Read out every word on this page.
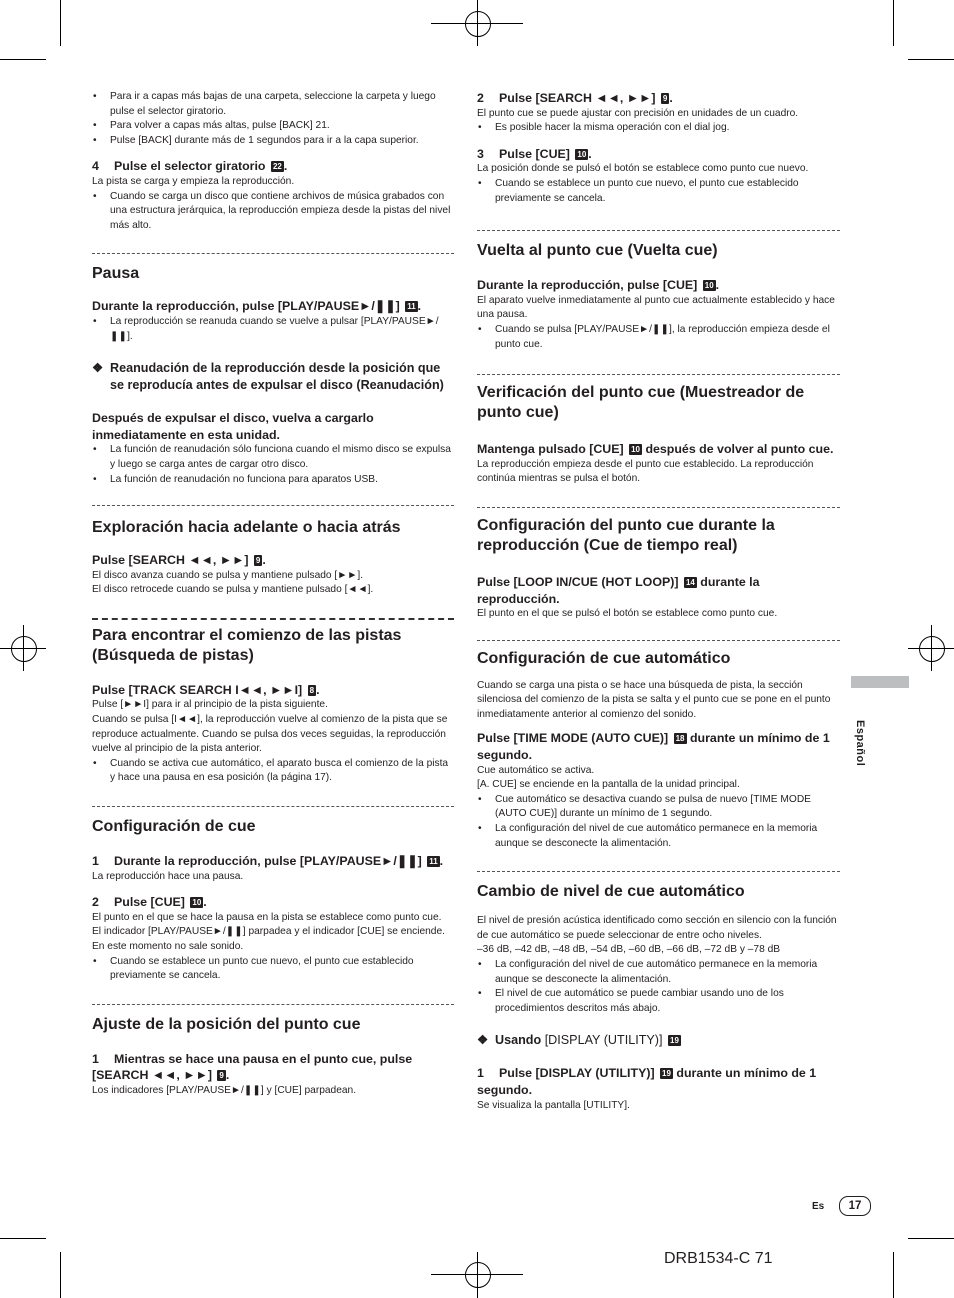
• Para ir a capas más bajas de una carpeta, seleccione la carpeta y luego pulse el selector giratorio.
• Para volver a capas más altas, pulse [BACK] 21.
• Pulse [BACK] durante más de 1 segundos para ir a la capa superior.

4 Pulse el selector giratorio 22 .

La pista se carga y empieza la reproducción.

• Cuando se carga un disco que contiene archivos de música grabados con una estructura jerárquica, la reproducción empieza desde la pistas del nivel más alto.
Pausa

Durante la reproducción, pulse [PLAY/PAUSE►/❚❚] 11 .

• La reproducción se reanuda cuando se vuelve a pulsar [PLAY/PAUSE►/❚❚].

❖ Reanudación de la reproducción desde la posición que se reproducía antes de expulsar el disco (Reanudación)

Después de expulsar el disco, vuelva a cargarlo inmediatamente en esta unidad.

• La función de reanudación sólo funciona cuando el mismo disco se expulsa y luego se carga antes de cargar otro disco.
• La función de reanudación no funciona para aparatos USB.
Exploración hacia adelante o hacia atrás

Pulse [SEARCH ◄◄, ►►] 9 .

El disco avanza cuando se pulsa y mantiene pulsado [►►].

El disco retrocede cuando se pulsa y mantiene pulsado [◄◄].

Para encontrar el comienzo de las pistas (Búsqueda de pistas)

Pulse [TRACK SEARCH I◄◄, ►►I] 8 .

Pulse [►►I] para ir al principio de la pista siguiente.

Cuando se pulsa [I◄◄], la reproducción vuelve al comienzo de la pista que se reproduce actualmente. Cuando se pulsa dos veces seguidas, la reproducción vuelve al principio de la pista anterior.

• Cuando se activa cue automático, el aparato busca el comienzo de la pista y hace una pausa en esa posición (la página 17).
Configuración de cue

1 Durante la reproducción, pulse [PLAY/PAUSE►/❚❚] 11 .

La reproducción hace una pausa.

2 Pulse [CUE] 10 .

El punto en el que se hace la pausa en la pista se establece como punto cue.

El indicador [PLAY/PAUSE►/❚❚] parpadea y el indicador [CUE] se enciende. En este momento no sale sonido.

• Cuando se establece un punto cue nuevo, el punto cue establecido previamente se cancela.
Ajuste de la posición del punto cue

1 Mientras se hace una pausa en el punto cue, pulse [SEARCH ◄◄, ►►] 9 .

Los indicadores [PLAY/PAUSE►/❚❚] y [CUE] parpadean.

2 Pulse [SEARCH ◄◄, ►►] 9 .

El punto cue se puede ajustar con precisión en unidades de un cuadro.

• Es posible hacer la misma operación con el dial jog.

3 Pulse [CUE] 10 .

La posición donde se pulsó el botón se establece como punto cue nuevo.

• Cuando se establece un punto cue nuevo, el punto cue establecido previamente se cancela.
Vuelta al punto cue (Vuelta cue)

Durante la reproducción, pulse [CUE] 10 .

El aparato vuelve inmediatamente al punto cue actualmente establecido y hace una pausa.

• Cuando se pulsa [PLAY/PAUSE►/❚❚], la reproducción empieza desde el punto cue.
Verificación del punto cue (Muestreador de punto cue)

Mantenga pulsado [CUE] 10 después de volver al punto cue.

La reproducción empieza desde el punto cue establecido. La reproducción continúa mientras se pulsa el botón.

Configuración del punto cue durante la reproducción (Cue de tiempo real)

Pulse [LOOP IN/CUE (HOT LOOP)] 14 durante la reproducción.

El punto en el que se pulsó el botón se establece como punto cue.

Configuración de cue automático

Cuando se carga una pista o se hace una búsqueda de pista, la sección silenciosa del comienzo de la pista se salta y el punto cue se pone en el punto inmediatamente anterior al comienzo del sonido.

Pulse [TIME MODE (AUTO CUE)] 18 durante un mínimo de 1 segundo.

Cue automático se activa.

[A. CUE] se enciende en la pantalla de la unidad principal.

• Cue automático se desactiva cuando se pulsa de nuevo [TIME MODE (AUTO CUE)] durante un mínimo de 1 segundo.
• La configuración del nivel de cue automático permanece en la memoria aunque se desconecte la alimentación.
Cambio de nivel de cue automático

El nivel de presión acústica identificado como sección en silencio con la función de cue automático se puede seleccionar de entre ocho niveles.

–36 dB, –42 dB, –48 dB, –54 dB, –60 dB, –66 dB, –72 dB y –78 dB

• La configuración del nivel de cue automático permanece en la memoria aunque se desconecte la alimentación.
• El nivel de cue automático se puede cambiar usando uno de los procedimientos descritos más abajo.

❖ Usando [DISPLAY (UTILITY)] 19

1 Pulse [DISPLAY (UTILITY)] 19 durante un mínimo de 1 segundo.

Se visualiza la pantalla [UTILITY].

Español
Es	17
DRB1534-C 71
